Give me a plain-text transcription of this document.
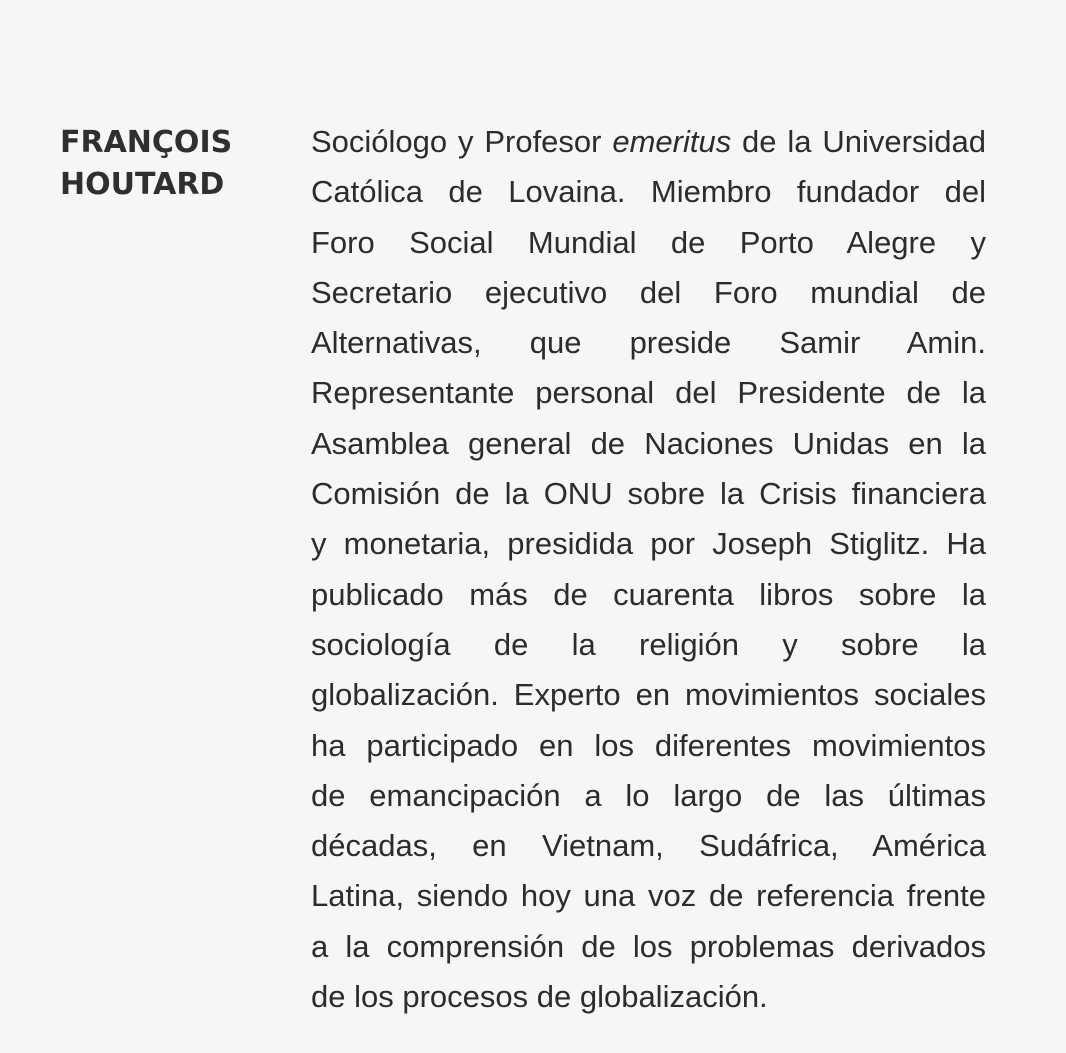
FRANÇOIS
HOUTARD
Sociólogo y Profesor emeritus de la Universidad
Católica de Lovaina. Miembro fundador del
Foro Social Mundial de Porto Alegre y
Secretario ejecutivo del Foro mundial de
Alternativas, que preside Samir Amin.
Representante personal del Presidente de la
Asamblea general de Naciones Unidas en la
Comisión de la ONU sobre la Crisis financiera
y monetaria, presidida por Joseph Stiglitz. Ha
publicado más de cuarenta libros sobre la
sociología de la religión y sobre la
globalización. Experto en movimientos sociales
ha participado en los diferentes movimientos
de emancipación a lo largo de las últimas
décadas, en Vietnam, Sudáfrica, América
Latina, siendo hoy una voz de referencia frente
a la comprensión de los problemas derivados
de los procesos de globalización.
